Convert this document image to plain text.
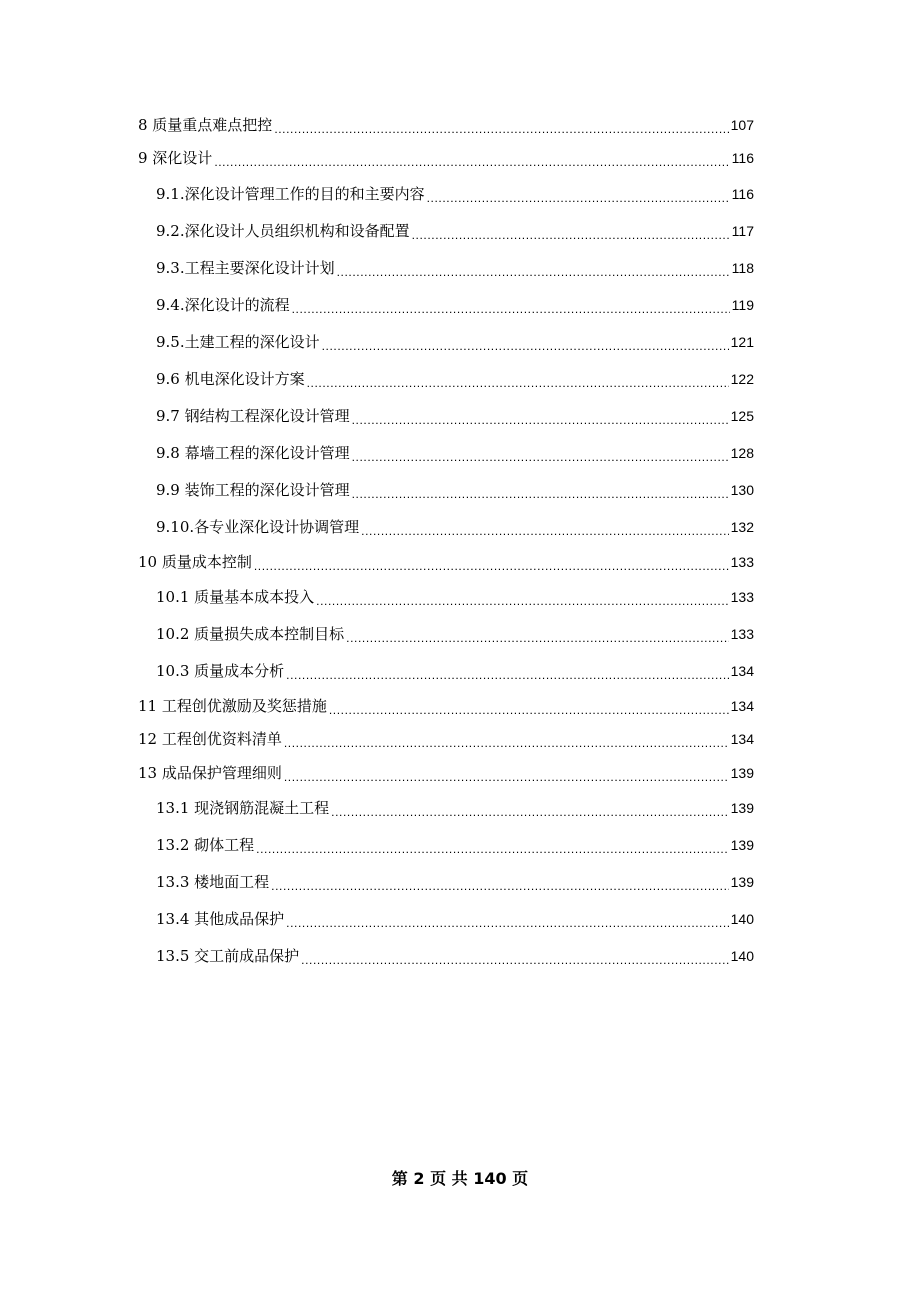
8 质量重点难点把控 .....	107
9 深化设计 .....	116
9.1.深化设计管理工作的目的和主要内容 .....	116
9.2.深化设计人员组织机构和设备配置 .....	117
9.3.工程主要深化设计计划 .....	118
9.4.深化设计的流程 .....	119
9.5.土建工程的深化设计 .....	121
9.6 机电深化设计方案 .....	122
9.7 钢结构工程深化设计管理 .....	125
9.8 幕墙工程的深化设计管理 .....	128
9.9 装饰工程的深化设计管理 .....	130
9.10.各专业深化设计协调管理 .....	132
10 质量成本控制 .....	133
10.1 质量基本成本投入 .....	133
10.2 质量损失成本控制目标 .....	133
10.3 质量成本分析 .....	134
11 工程创优激励及奖惩措施 .....	134
12 工程创优资料清单 .....	134
13 成品保护管理细则 .....	139
13.1 现浇钢筋混凝土工程 .....	139
13.2 砌体工程 .....	139
13.3 楼地面工程 .....	139
13.4 其他成品保护 .....	140
13.5 交工前成品保护 .....	140
第 2 页 共 140 页
